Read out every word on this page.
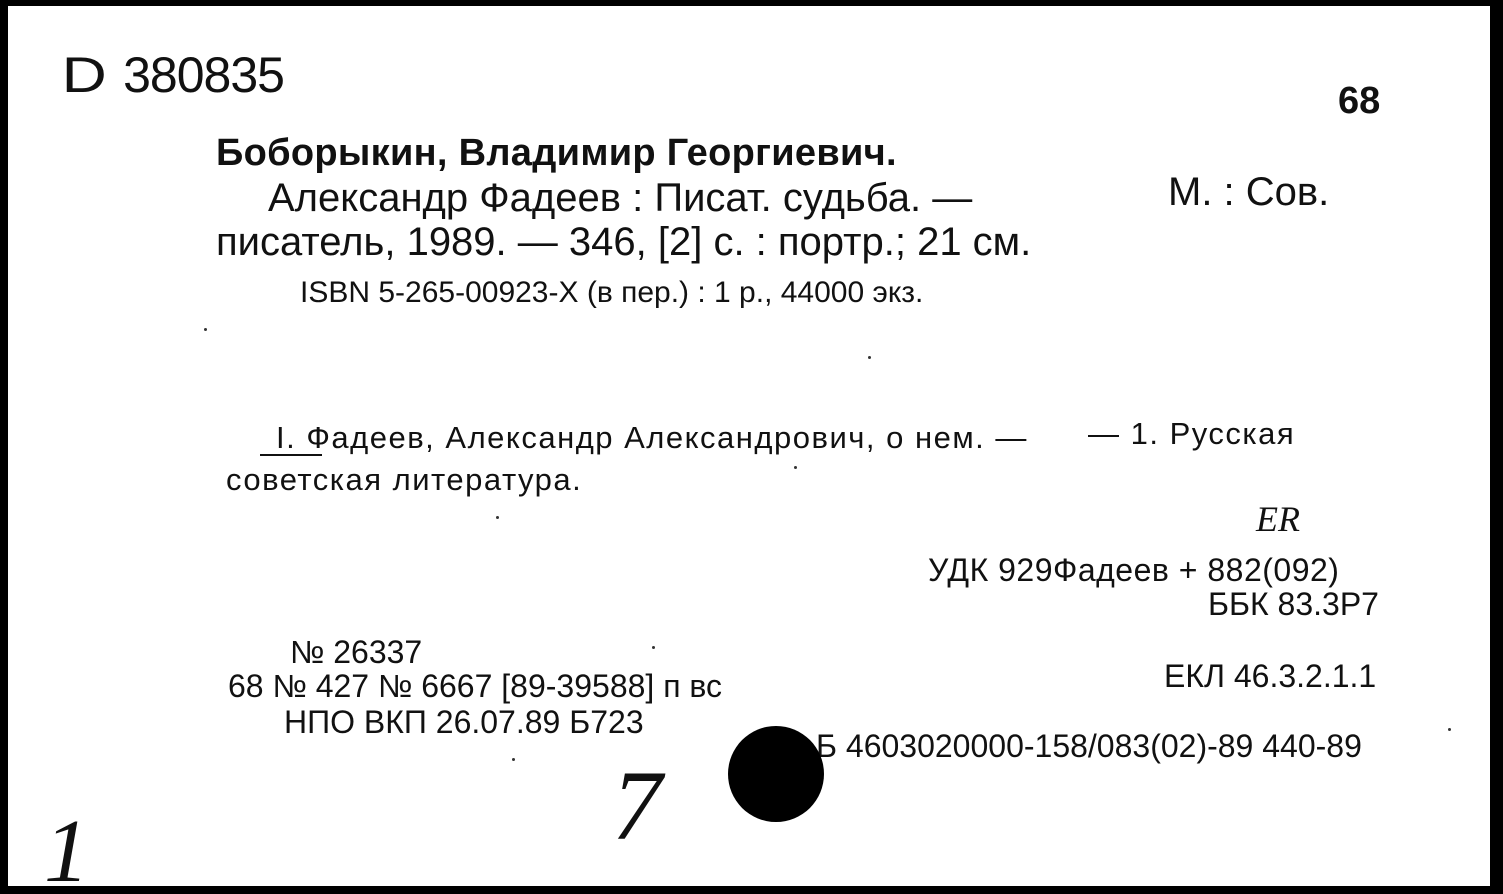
D 380835	68

Боборыкин, Владимир Георгиевич.

Александр Фадеев : Писат. судьба. —	М. : Сов.

писатель, 1989. — 346, [2] с. : портр.; 21 см.

ISBN 5-265-00923-X (в пер.) : 1 р., 44000 экз.

I. Фадеев, Александр Александрович, о нем. — — 1. Русская

советская литература.

ЕR

УДК 929Фадеев + 882(092)

ББК 83.3Р7

ЕКЛ 46.3.2.1.1

Б 4603020000-158/083(02)-89 440-89

№ 26337

68 № 427 № 6667 [89-39588] п вс

НПО ВКП 26.07.89 Б723

7

1
